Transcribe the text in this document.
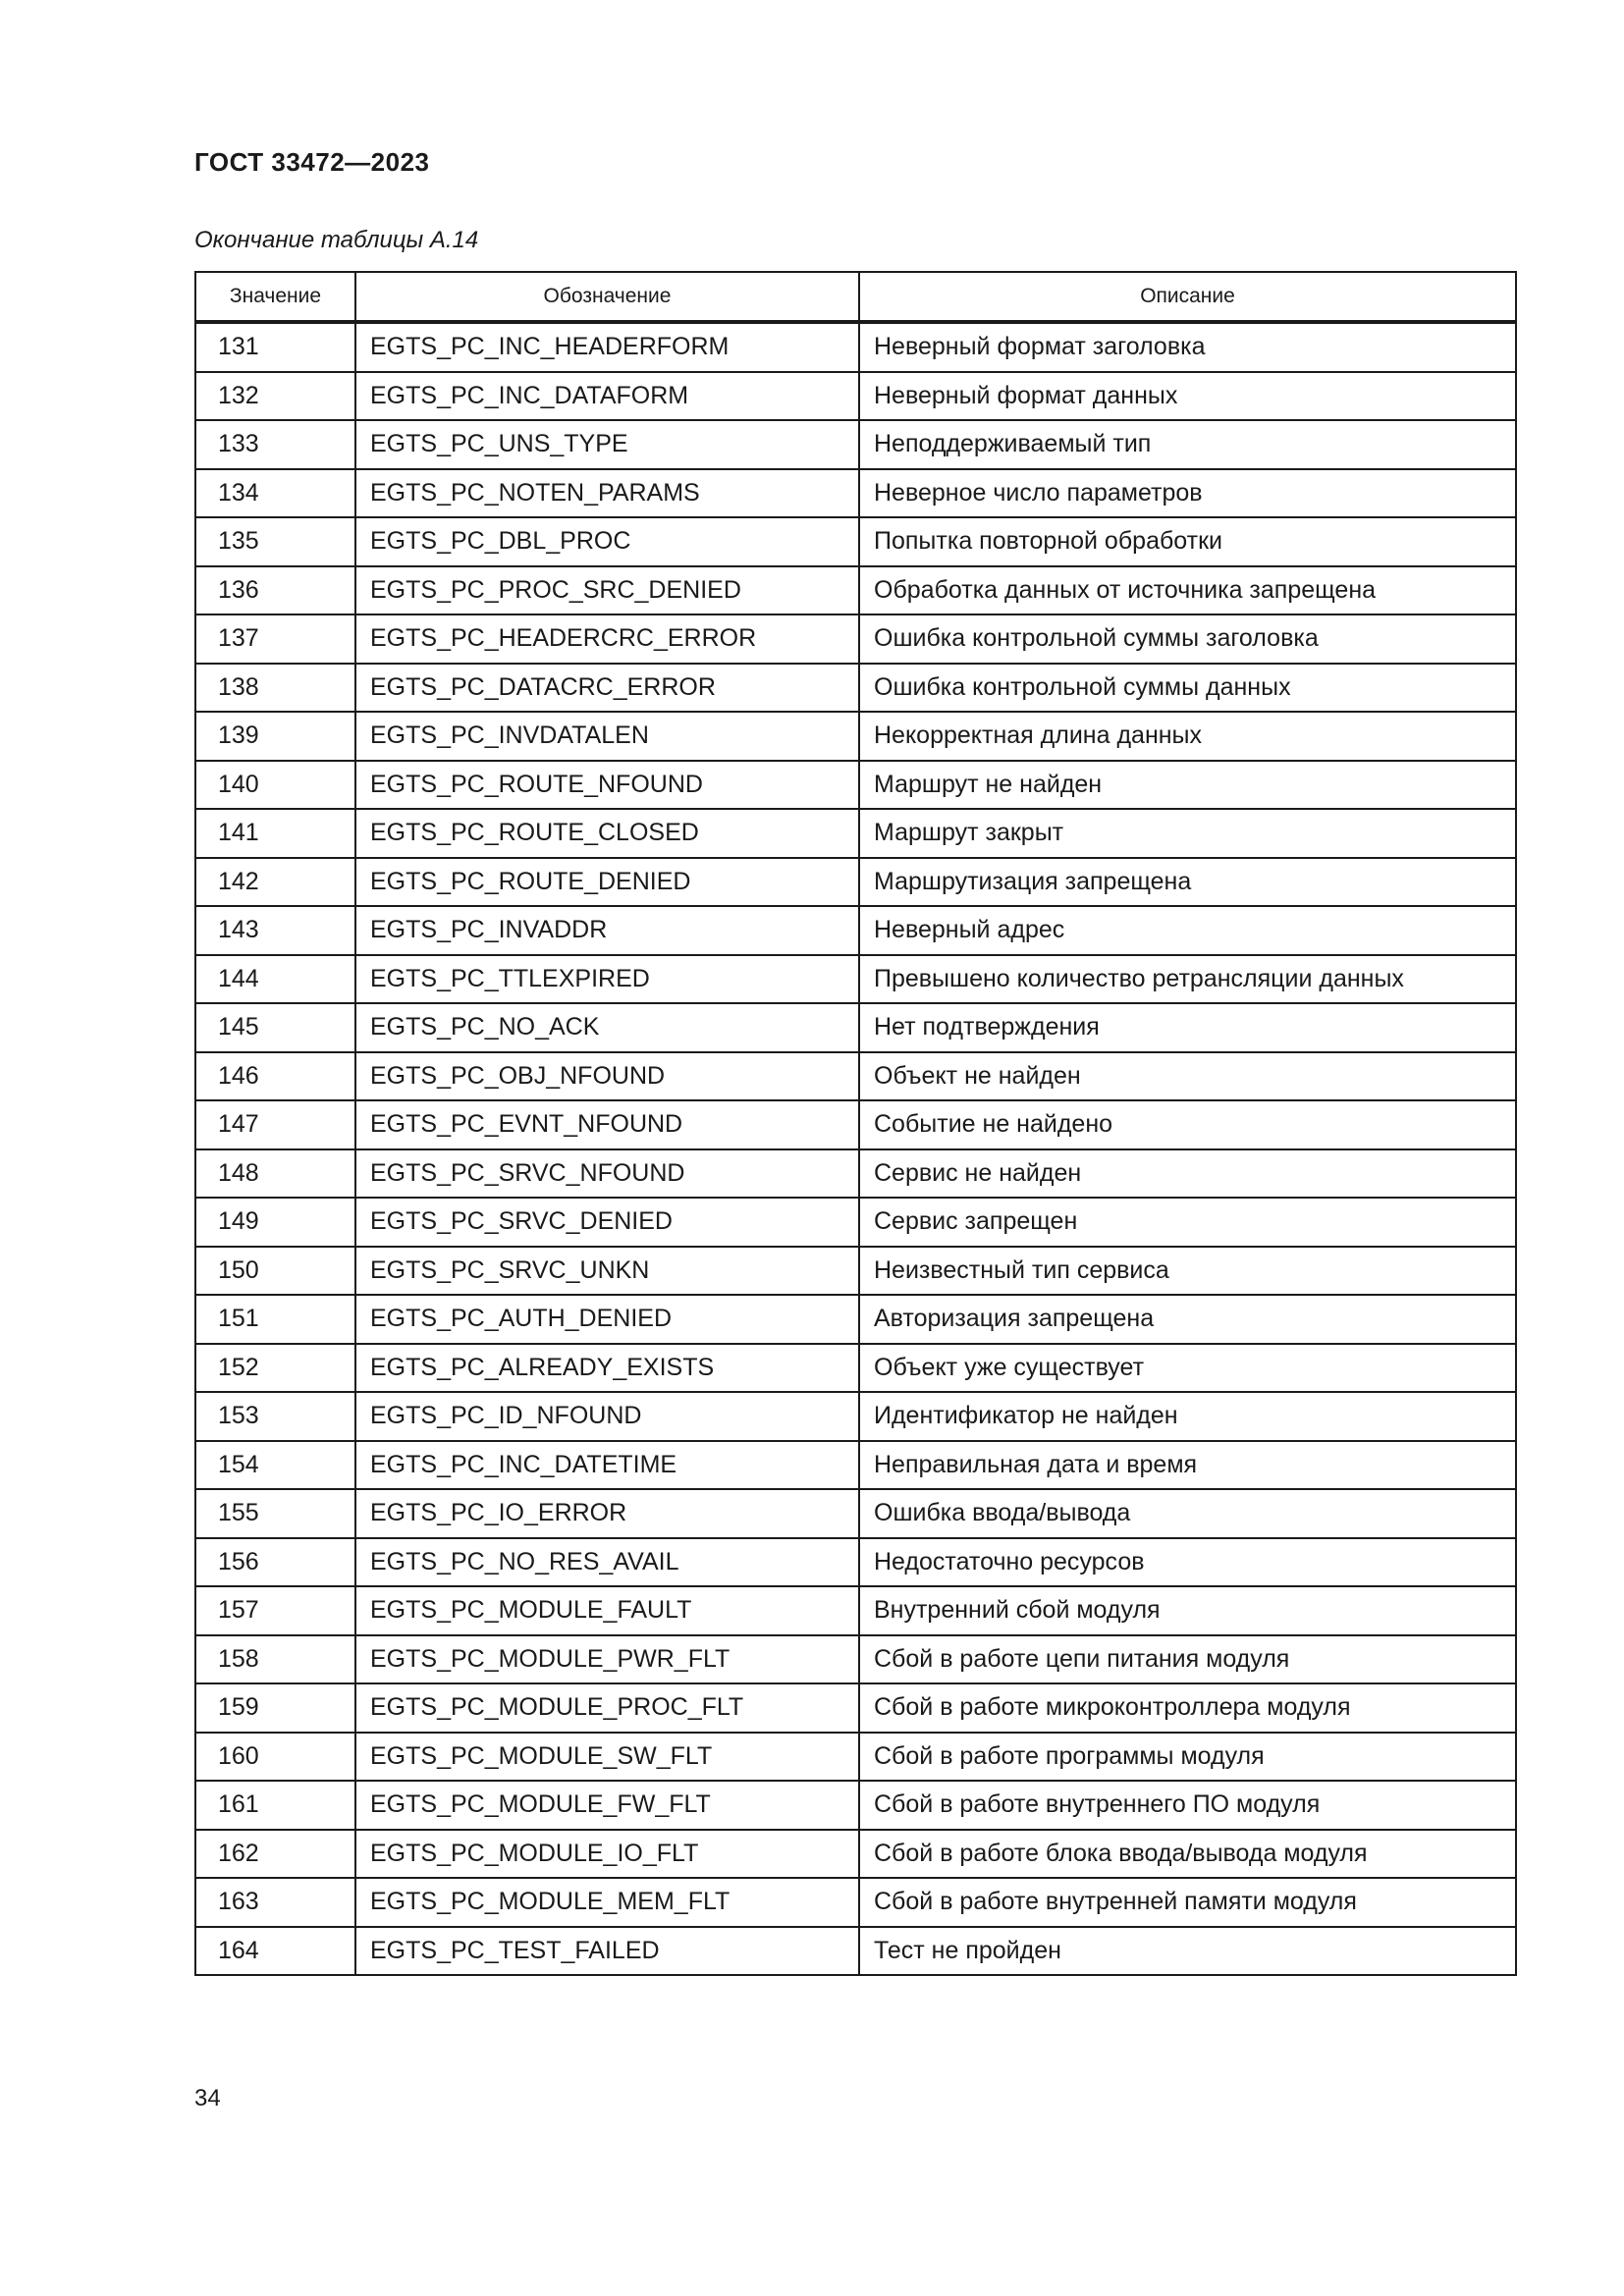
ГОСТ 33472—2023
Окончание таблицы А.14
Значение	Обозначение	Описание
131	EGTS_PC_INC_HEADERFORM	Неверный формат заголовка
132	EGTS_PC_INC_DATAFORM	Неверный формат данных
133	EGTS_PC_UNS_TYPE	Неподдерживаемый тип
134	EGTS_PC_NOTEN_PARAMS	Неверное число параметров
135	EGTS_PC_DBL_PROC	Попытка повторной обработки
136	EGTS_PC_PROC_SRC_DENIED	Обработка данных от источника запрещена
137	EGTS_PC_HEADERCRC_ERROR	Ошибка контрольной суммы заголовка
138	EGTS_PC_DATACRC_ERROR	Ошибка контрольной суммы данных
139	EGTS_PC_INVDATALEN	Некорректная длина данных
140	EGTS_PC_ROUTE_NFOUND	Маршрут не найден
141	EGTS_PC_ROUTE_CLOSED	Маршрут закрыт
142	EGTS_PC_ROUTE_DENIED	Маршрутизация запрещена
143	EGTS_PC_INVADDR	Неверный адрес
144	EGTS_PC_TTLEXPIRED	Превышено количество ретрансляции данных
145	EGTS_PC_NO_ACK	Нет подтверждения
146	EGTS_PC_OBJ_NFOUND	Объект не найден
147	EGTS_PC_EVNT_NFOUND	Событие не найдено
148	EGTS_PC_SRVC_NFOUND	Сервис не найден
149	EGTS_PC_SRVC_DENIED	Сервис запрещен
150	EGTS_PC_SRVC_UNKN	Неизвестный тип сервиса
151	EGTS_PC_AUTH_DENIED	Авторизация запрещена
152	EGTS_PC_ALREADY_EXISTS	Объект уже существует
153	EGTS_PC_ID_NFOUND	Идентификатор не найден
154	EGTS_PC_INC_DATETIME	Неправильная дата и время
155	EGTS_PC_IO_ERROR	Ошибка ввода/вывода
156	EGTS_PC_NO_RES_AVAIL	Недостаточно ресурсов
157	EGTS_PC_MODULE_FAULT	Внутренний сбой модуля
158	EGTS_PC_MODULE_PWR_FLT	Сбой в работе цепи питания модуля
159	EGTS_PC_MODULE_PROC_FLT	Сбой в работе микроконтроллера модуля
160	EGTS_PC_MODULE_SW_FLT	Сбой в работе программы модуля
161	EGTS_PC_MODULE_FW_FLT	Сбой в работе внутреннего ПО модуля
162	EGTS_PC_MODULE_IO_FLT	Сбой в работе блока ввода/вывода модуля
163	EGTS_PC_MODULE_MEM_FLT	Сбой в работе внутренней памяти модуля
164	EGTS_PC_TEST_FAILED	Тест не пройден
34
